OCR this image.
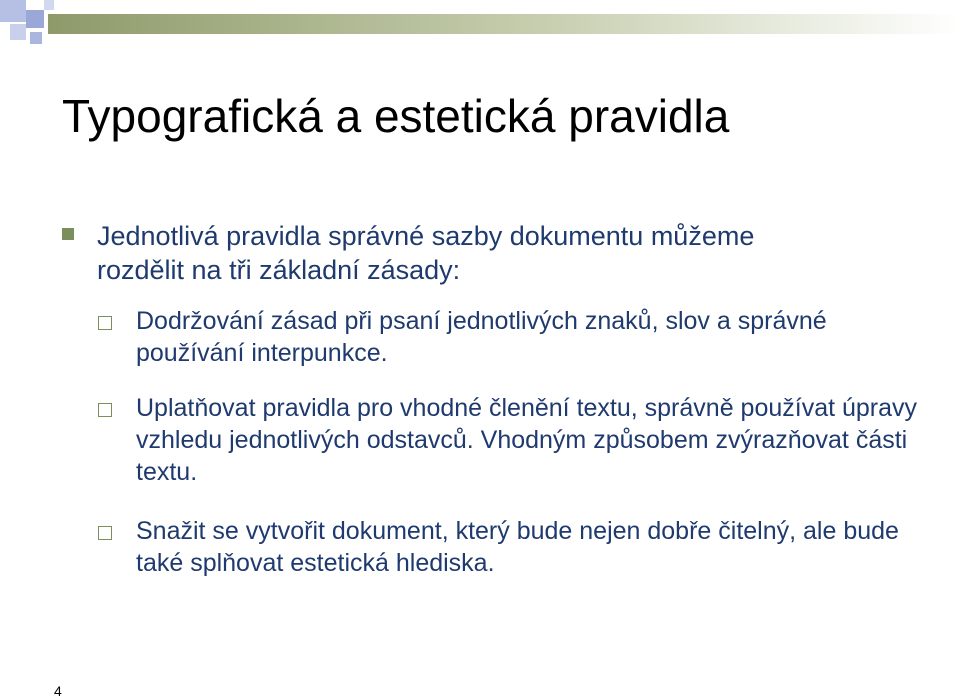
Typografická a estetická pravidla
Jednotlivá pravidla správné sazby dokumentu můžeme rozdělit na tři základní zásady:
Dodržování zásad při psaní jednotlivých znaků, slov a správné používání interpunkce.
Uplatňovat pravidla pro vhodné členění textu, správně používat úpravy vzhledu jednotlivých odstavců. Vhodným způsobem zvýrazňovat části textu.
Snažit se vytvořit dokument, který bude nejen dobře čitelný, ale bude také splňovat estetická hlediska.
4
